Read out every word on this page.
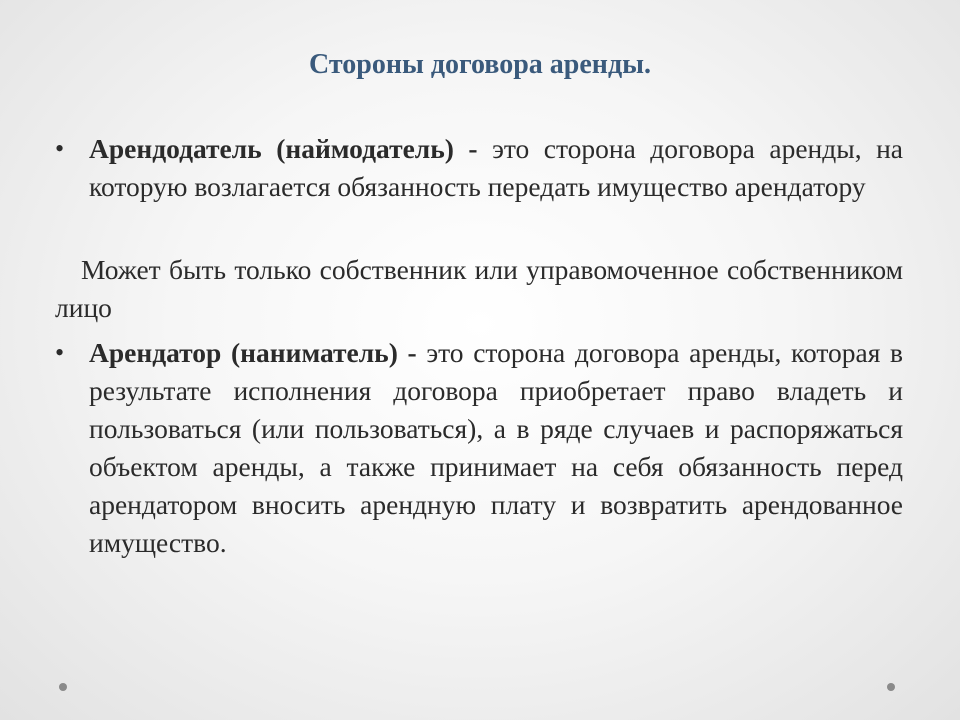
Стороны договора аренды.
• Арендодатель (наймодатель) - это сторона договора аренды, на которую возлагается обязанность передать имущество арендатору
Может быть только собственник или управомоченное собственником лицо
• Арендатор (наниматель) - это сторона договора аренды, которая в результате исполнения договора приобретает право владеть и пользоваться (или пользоваться), а в ряде случаев и распоряжаться объектом аренды, а также принимает на себя обязанность перед арендатором вносить арендную плату и возвратить арендованное имущество.
